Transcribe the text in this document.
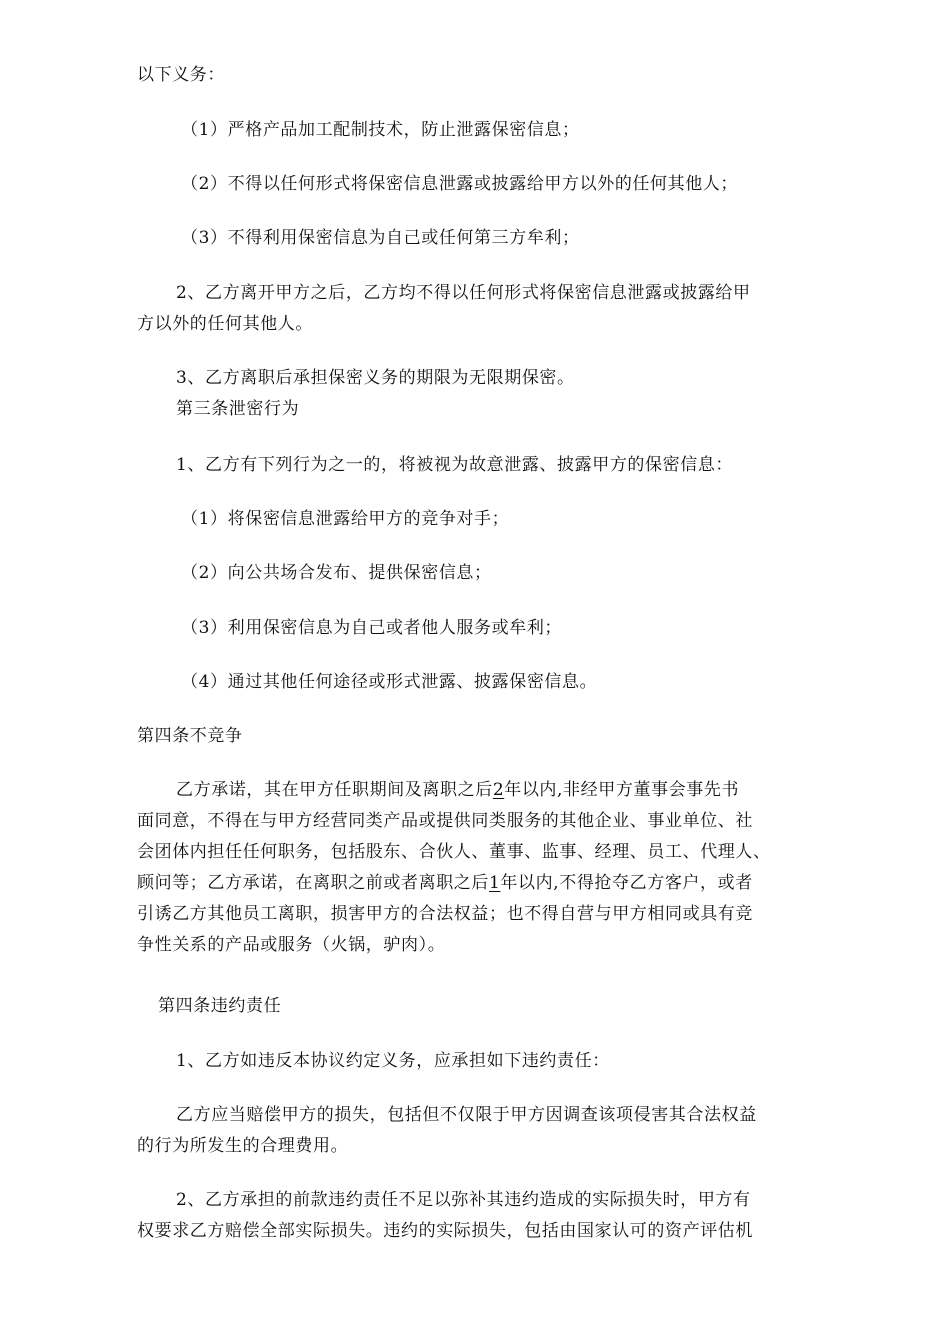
以下义务：
（1）严格产品加工配制技术，防止泄露保密信息；
（2）不得以任何形式将保密信息泄露或披露给甲方以外的任何其他人；
（3）不得利用保密信息为自己或任何第三方牟利；
2、乙方离开甲方之后，乙方均不得以任何形式将保密信息泄露或披露给甲
方以外的任何其他人。
3、乙方离职后承担保密义务的期限为无限期保密。
第三条泄密行为
1、乙方有下列行为之一的，将被视为故意泄露、披露甲方的保密信息：
（1）将保密信息泄露给甲方的竞争对手；
（2）向公共场合发布、提供保密信息；
（3）利用保密信息为自己或者他人服务或牟利；
（4）通过其他任何途径或形式泄露、披露保密信息。
第四条不竞争
乙方承诺，其在甲方任职期间及离职之后2年以内,非经甲方董事会事先书
面同意，不得在与甲方经营同类产品或提供同类服务的其他企业、事业单位、社
会团体内担任任何职务，包括股东、合伙人、董事、监事、经理、员工、代理人、
顾问等；乙方承诺，在离职之前或者离职之后1年以内,不得抢夺乙方客户，或者
引诱乙方其他员工离职，损害甲方的合法权益；也不得自营与甲方相同或具有竞
争性关系的产品或服务（火锅，驴肉）。
第四条违约责任
1、乙方如违反本协议约定义务，应承担如下违约责任：
乙方应当赔偿甲方的损失，包括但不仅限于甲方因调查该项侵害其合法权益
的行为所发生的合理费用。
2、乙方承担的前款违约责任不足以弥补其违约造成的实际损失时，甲方有
权要求乙方赔偿全部实际损失。违约的实际损失，包括由国家认可的资产评估机
